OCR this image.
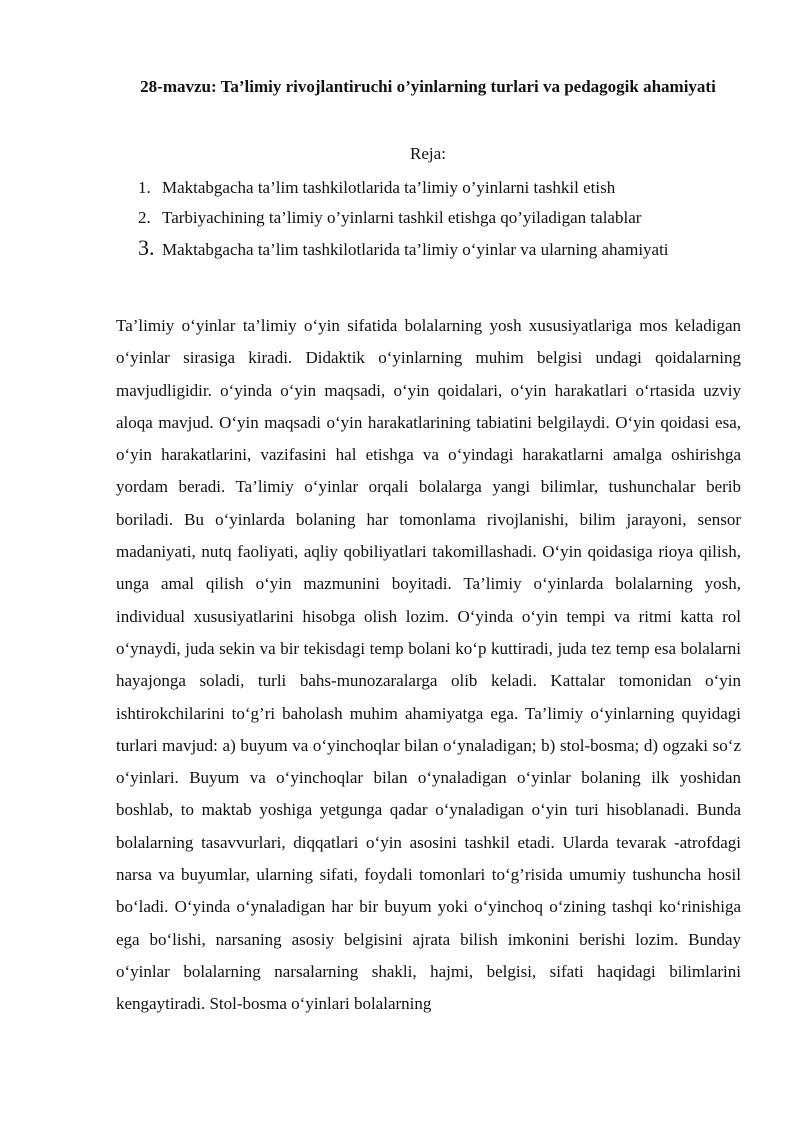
28-mavzu: Ta’limiy rivojlantiruchi o’yinlarning turlari va pedagogik ahamiyati
Reja:
1. Maktabgacha ta’lim tashkilotlarida ta’limiy o’yinlarni tashkil etish
2. Tarbiyachining ta’limiy o’yinlarni tashkil etishga qo’yiladigan talablar
3. Maktabgacha ta’lim tashkilotlarida ta’limiy o‘yinlar va ularning ahamiyati

Ta’limiy o‘yinlar ta’limiy o‘yin sifatida bolalarning yosh xususiyatlariga mos keladigan o‘yinlar sirasiga kiradi. Didaktik o‘yinlarning muhim belgisi undagi qoidalarning mavjudligidir. o‘yinda o‘yin maqsadi, o‘yin qoidalari, o‘yin harakatlari o‘rtasida uzviy aloqa mavjud. O‘yin maqsadi o‘yin harakatlarining tabiatini belgilaydi. O‘yin qoidasi esa, o‘yin harakatlarini, vazifasini hal etishga va o‘yindagi harakatlarni amalga oshirishga yordam beradi. Ta’limiy o‘yinlar orqali bolalarga yangi bilimlar, tushunchalar berib boriladi. Bu o‘yinlarda bolaning har tomonlama rivojlanishi, bilim jarayoni, sensor madaniyati, nutq faoliyati, aqliy qobiliyatlari takomillashadi. O‘yin qoidasiga rioya qilish, unga amal qilish o‘yin mazmunini boyitadi. Ta’limiy o‘yinlarda bolalarning yosh, individual xususiyatlarini hisobga olish lozim. O‘yinda o‘yin tempi va ritmi katta rol o‘ynaydi, juda sekin va bir tekisdagi temp bolani ko‘p kuttiradi, juda tez temp esa bolalarni hayajonga soladi, turli bahs-munozaralarga olib keladi. Kattalar tomonidan o‘yin ishtirokchilarini to‘g’ri baholash muhim ahamiyatga ega. Ta’limiy o‘yinlarning quyidagi turlari mavjud: a) buyum va o‘yinchoqlar bilan o‘ynaladigan; b) stol-bosma; d) ogzaki so‘z o‘yinlari. Buyum va o‘yinchoqlar bilan o‘ynaladigan o‘yinlar bolaning ilk yoshidan boshlab, to maktab yoshiga yetgunga qadar o‘ynaladigan o‘yin turi hisoblanadi. Bunda bolalarning tasavvurlari, diqqatlari o‘yin asosini tashkil etadi. Ularda tevarak -atrofdagi narsa va buyumlar, ularning sifati, foydali tomonlari to‘g’risida umumiy tushuncha hosil bo‘ladi. O‘yinda o‘ynaladigan har bir buyum yoki o‘yinchoq o‘zining tashqi ko‘rinishiga ega bo‘lishi, narsaning asosiy belgisini ajrata bilish imkonini berishi lozim. Bunday o‘yinlar bolalarning narsalarning shakli, hajmi, belgisi, sifati haqidagi bilimlarini kengaytiradi. Stol-bosma o‘yinlari bolalarning
